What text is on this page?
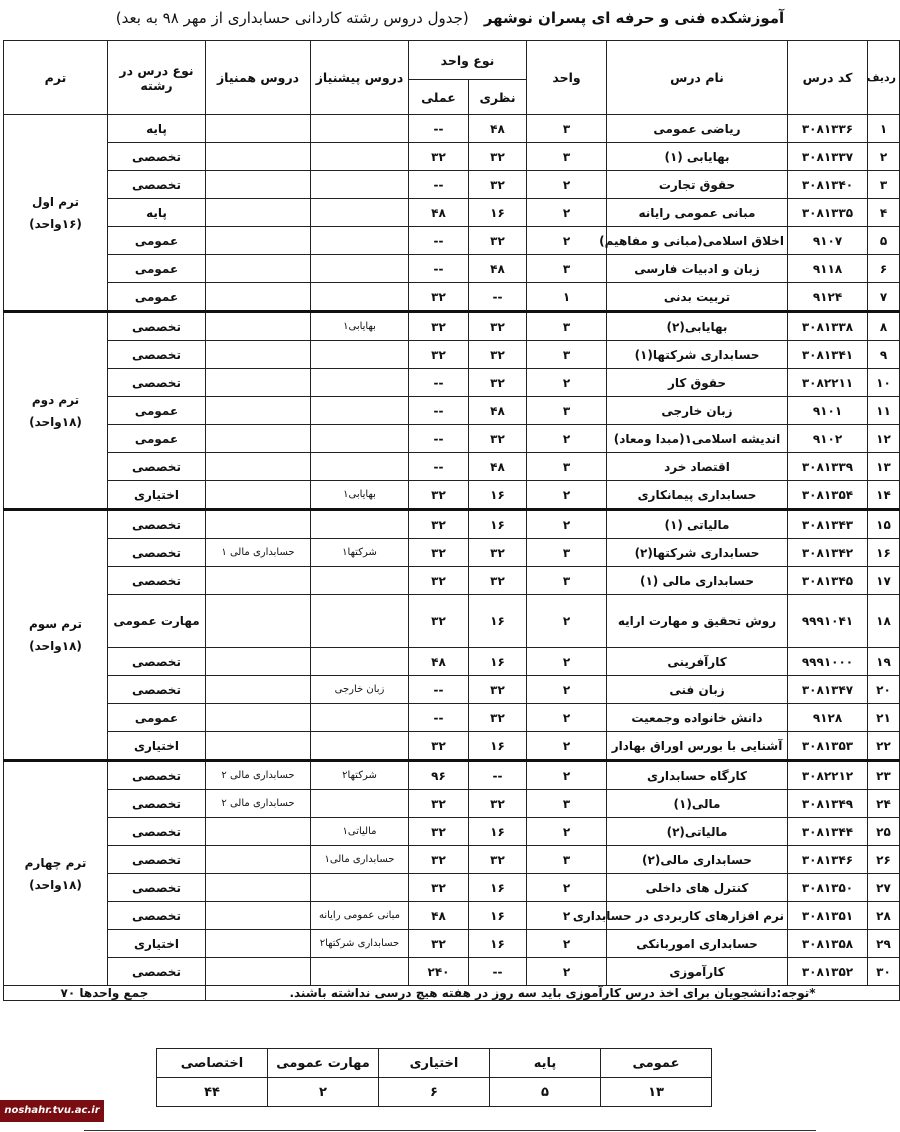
آموزشکده فنی و حرفه ای پسران نوشهر (جدول دروس رشته کاردانی حسابداری از مهر ۹۸ به بعد)
ردیف	کد درس	نام درس	واحد	نوع واحد		دروس پیشنیاز	دروس همنیاز	نوع درس در رشته	ترم
				نظری	عملی				
۱	۳۰۸۱۳۳۶	ریاضی عمومی	۳	۴۸	--			پایه	ترم اول
(۱۶واحد)

۲	۳۰۸۱۳۳۷	بهایابی (۱)	۳	۳۲	۳۲			تخصصی	
۳	۳۰۸۱۳۴۰	حقوق تجارت	۲	۳۲	--			تخصصی	
۴	۳۰۸۱۳۳۵	مبانی عمومی رایانه	۲	۱۶	۴۸			پایه	
۵	۹۱۰۷	اخلاق اسلامی(مبانی و مفاهیم)	۲	۳۲	--			عمومی	
۶	۹۱۱۸	زبان و ادبیات فارسی	۳	۴۸	--			عمومی	
۷	۹۱۲۴	تربیت بدنی	۱	--	۳۲			عمومی	
۸	۳۰۸۱۳۳۸	بهایابی(۲)	۳	۳۲	۳۲	بهایابی۱		تخصصی	ترم دوم
(۱۸واحد)

۹	۳۰۸۱۳۴۱	حسابداری شرکتها(۱)	۳	۳۲	۳۲			تخصصی	
۱۰	۳۰۸۲۲۱۱	حقوق کار	۲	۳۲	--			تخصصی	
۱۱	۹۱۰۱	زبان خارجی	۳	۴۸	--			عمومی	
۱۲	۹۱۰۲	اندیشه اسلامی۱(مبدا ومعاد)	۲	۳۲	--			عمومی	
۱۳	۳۰۸۱۳۳۹	اقتصاد خرد	۳	۴۸	--			تخصصی	
۱۴	۳۰۸۱۳۵۴	حسابداری پیمانکاری	۲	۱۶	۳۲	بهایابی۱		اختیاری	
۱۵	۳۰۸۱۳۴۳	مالیاتی (۱)	۲	۱۶	۳۲			تخصصی	ترم سوم
(۱۸واحد)

۱۶	۳۰۸۱۳۴۲	حسابداری شرکتها(۲)	۳	۳۲	۳۲	شرکتها۱	حسابداری مالی ۱	تخصصی	
۱۷	۳۰۸۱۳۴۵	حسابداری مالی (۱)	۳	۳۲	۳۲			تخصصی	
۱۸	۹۹۹۱۰۴۱	روش تحقیق و مهارت ارایه	۲	۱۶	۳۲			مهارت عمومی	
۱۹	۹۹۹۱۰۰۰	کارآفرینی	۲	۱۶	۴۸			تخصصی	
۲۰	۳۰۸۱۳۴۷	زبان فنی	۲	۳۲	--	زبان خارجی		تخصصی	
۲۱	۹۱۲۸	دانش خانواده وجمعیت	۲	۳۲	--			عمومی	
۲۲	۳۰۸۱۳۵۳	آشنایی با بورس اوراق بهادار	۲	۱۶	۳۲			اختیاری	
۲۳	۳۰۸۲۲۱۲	کارگاه حسابداری	۲	--	۹۶	شرکتها۲	حسابداری مالی ۲	تخصصی	ترم چهارم
(۱۸واحد)

۲۴	۳۰۸۱۳۴۹	مالی(۱)	۳	۳۲	۳۲		حسابداری مالی ۲	تخصصی	
۲۵	۳۰۸۱۳۴۴	مالیاتی(۲)	۲	۱۶	۳۲	مالیاتی۱		تخصصی	
۲۶	۳۰۸۱۳۴۶	حسابداری مالی(۲)	۳	۳۲	۳۲	حسابداری مالی۱		تخصصی	
۲۷	۳۰۸۱۳۵۰	کنترل های داخلی	۲	۱۶	۳۲			تخصصی	
۲۸	۳۰۸۱۳۵۱	نرم افزارهای کاربردی در حسابداری	۲	۱۶	۴۸	مبانی عمومی رایانه		تخصصی	
۲۹	۳۰۸۱۳۵۸	حسابداری اموربانکی	۲	۱۶	۳۲	حسابداری شرکتها۲		اختیاری	
۳۰	۳۰۸۱۳۵۲	کارآموزی	۲	--	۲۴۰			تخصصی	
*توجه:دانشجویان برای اخذ درس کارآموزی باید سه روز در هفته هیچ درسی نداشته باشند.								جمع واحدها ۷۰	
عمومی	پایه	اختیاری	مهارت عمومی	اختصاصی
۱۳	۵	۶	۲	۴۴
noshahr.tvu.ac.ir
